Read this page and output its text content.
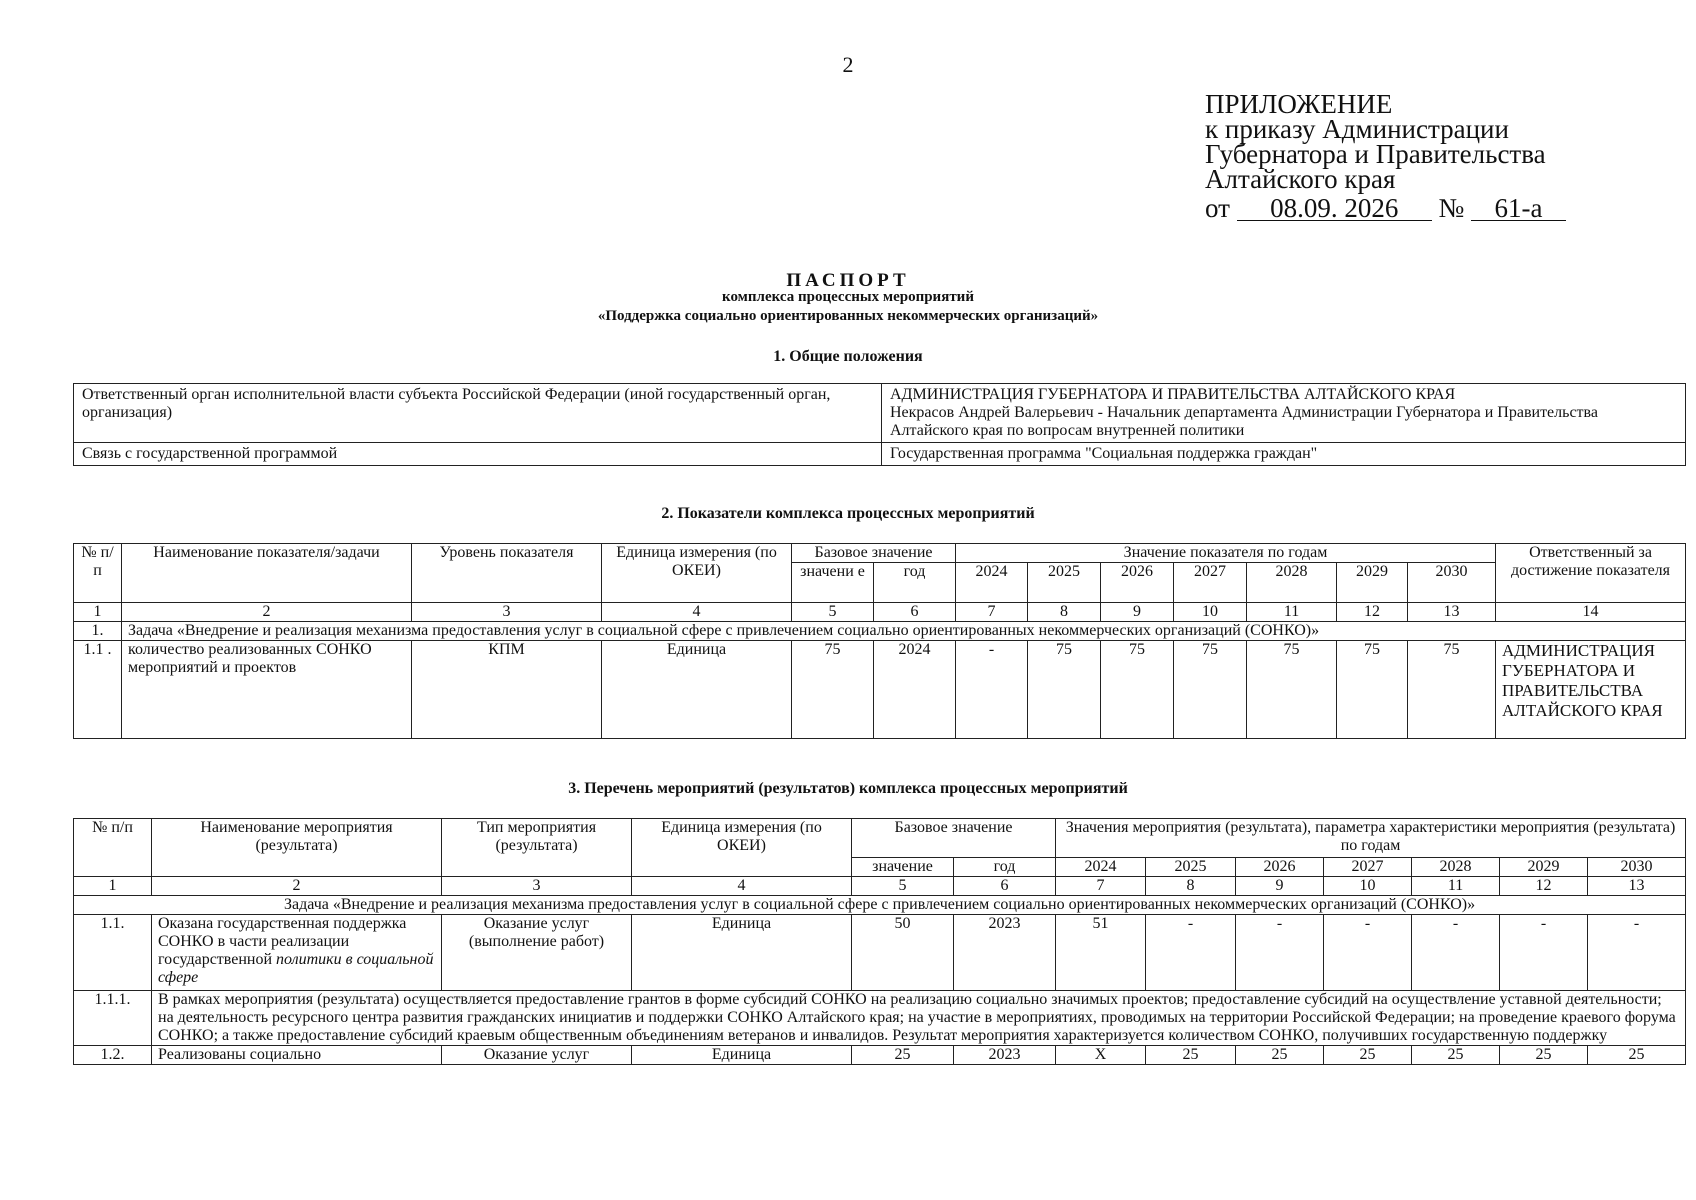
2
ПРИЛОЖЕНИЕ
к приказу Администрации
Губернатора и Правительства
Алтайского края
от 08.09. 2026 № 61-а
ПАСПОРТ
комплекса процессных мероприятий
«Поддержка социально ориентированных некоммерческих организаций»
1. Общие положения
Ответственный орган исполнительной власти субъекта Российской Федерации (иной государственный орган, организация)	АДМИНИСТРАЦИЯ ГУБЕРНАТОРА И ПРАВИТЕЛЬСТВА АЛТАЙСКОГО КРАЯ
Некрасов Андрей Валерьевич - Начальник департамента Администрации Губернатора и Правительства Алтайского края по вопросам внутренней политики

Связь с государственной программой	Государственная программа "Социальная поддержка граждан"
2. Показатели комплекса процессных мероприятий
№ п/п	Наименование показателя/задачи	Уровень показателя	Единица измерения (по ОКЕИ)	Базовое значение		Значение показателя по годам							Ответственный за достижение показателя
				значени е	год	2024	2025	2026	2027	2028	2029	2030	
1	2	3	4	5	6	7	8	9	10	11	12	13	14
1.	Задача «Внедрение и реализация механизма предоставления услуг в социальной сфере с привлечением социально ориентированных некоммерческих организаций (СОНКО)»												
1.1 .	количество реализованных СОНКО мероприятий и проектов	КПМ	Единица	75	2024	-	75	75	75	75	75	75	АДМИНИСТРАЦИЯ ГУБЕРНАТОРА И ПРАВИТЕЛЬСТВА АЛТАЙСКОГО КРАЯ
3. Перечень мероприятий (результатов) комплекса процессных мероприятий
№ п/п	Наименование мероприятия (результата)	Тип мероприятия (результата)	Единица измерения (по ОКЕИ)	Базовое значение		Значения мероприятия (результата), параметра характеристики мероприятия (результата) по годам						
				значение	год	2024	2025	2026	2027	2028	2029	2030
1	2	3	4	5	6	7	8	9	10	11	12	13
Задача «Внедрение и реализация механизма предоставления услуг в социальной сфере с привлечением социально ориентированных некоммерческих организаций (СОНКО)»												
1.1.	Оказана государственная поддержка СОНКО в части реализации государственной политики в социальной сфере	Оказание услуг (выполнение работ)	Единица	50	2023	51	-	-	-	-	-	-
1.1.1.	В рамках мероприятия (результата) осуществляется предоставление грантов в форме субсидий СОНКО на реализацию социально значимых проектов; предоставление субсидий на осуществление уставной деятельности; на деятельность ресурсного центра развития гражданских инициатив и поддержки СОНКО Алтайского края; на участие в мероприятиях, проводимых на территории Российской Федерации; на проведение краевого форума СОНКО; а также предоставление субсидий краевым общественным объединениям ветеранов и инвалидов. Результат мероприятия характеризуется количеством СОНКО, получивших государственную поддержку											
1.2.	Реализованы социально	Оказание услуг	Единица	25	2023	X	25	25	25	25	25	25
